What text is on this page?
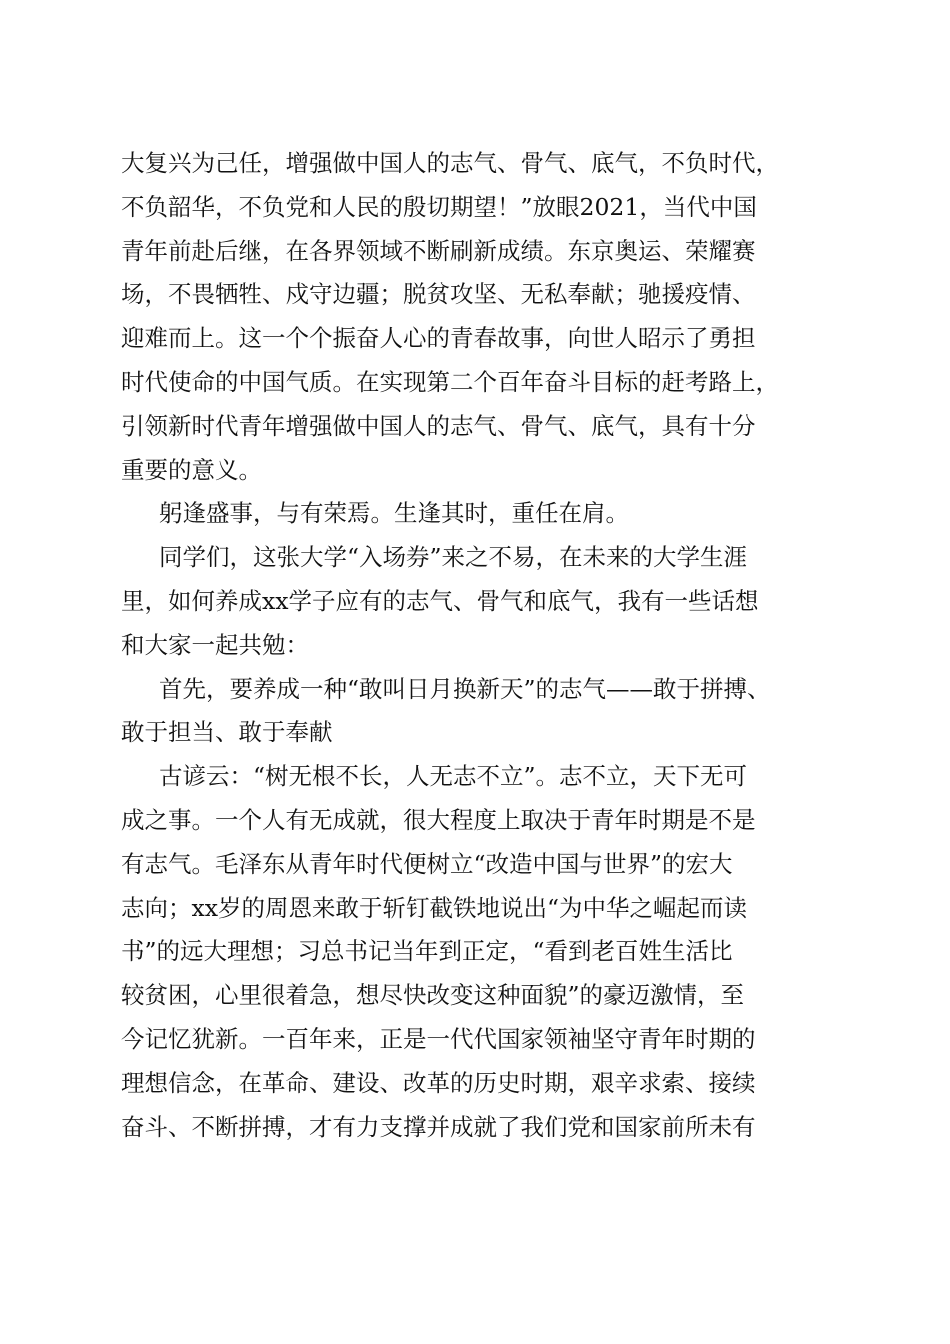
大复兴为己任，增强做中国人的志气、骨气、底气，不负时代，
不负韶华，不负党和人民的殷切期望！”放眼2021，当代中国
青年前赴后继，在各界领域不断刷新成绩。东京奥运、荣耀赛
场，不畏牺牲、戍守边疆；脱贫攻坚、无私奉献；驰援疫情、
迎难而上。这一个个振奋人心的青春故事，向世人昭示了勇担
时代使命的中国气质。在实现第二个百年奋斗目标的赶考路上，
引领新时代青年增强做中国人的志气、骨气、底气，具有十分
重要的意义。
躬逢盛事，与有荣焉。生逢其时，重任在肩。
同学们，这张大学“入场券”来之不易，在未来的大学生涯
里，如何养成xx学子应有的志气、骨气和底气，我有一些话想
和大家一起共勉：
首先，要养成一种“敢叫日月换新天”的志气——敢于拼搏、
敢于担当、敢于奉献
古谚云：“树无根不长，人无志不立”。志不立，天下无可
成之事。一个人有无成就，很大程度上取决于青年时期是不是
有志气。毛泽东从青年时代便树立“改造中国与世界”的宏大
志向；xx岁的周恩来敢于斩钉截铁地说出“为中华之崛起而读
书”的远大理想；习总书记当年到正定，“看到老百姓生活比
较贫困，心里很着急，想尽快改变这种面貌”的豪迈激情，至
今记忆犹新。一百年来，正是一代代国家领袖坚守青年时期的
理想信念，在革命、建设、改革的历史时期，艰辛求索、接续
奋斗、不断拼搏，才有力支撑并成就了我们党和国家前所未有
